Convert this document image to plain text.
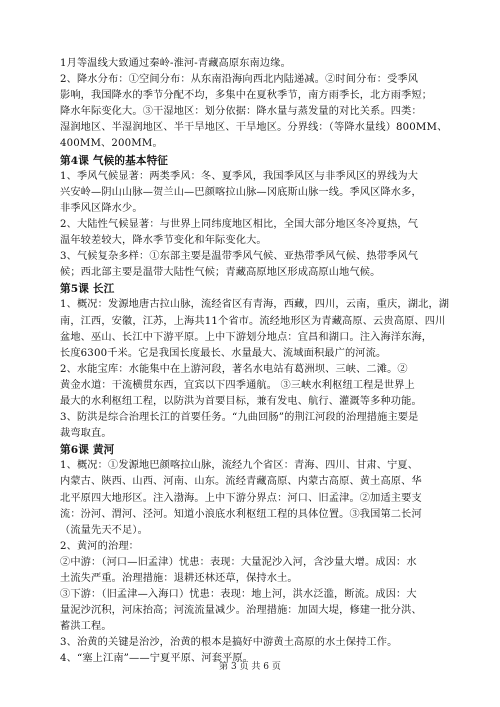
1月等温线大致通过秦岭-淮河-青藏高原东南边缘。
2、降水分布：①空间分布：从东南沿海向西北内陆递减。②时间分布：受季风
影响，我国降水的季节分配不均，多集中在夏秋季节，南方雨季长，北方雨季短；
降水年际变化大。③干湿地区：划分依据：降水量与蒸发量的对比关系。四类：
湿润地区、半湿润地区、半干旱地区、干旱地区。分界线：（等降水量线）800MM、
400MM、200MM。
第4课 气候的基本特征
1、季风气候显著：两类季风：冬、夏季风，我国季风区与非季风区的界线为大
兴安岭—阴山山脉—贺兰山—巴颜喀拉山脉—冈底斯山脉一线。季风区降水多，
非季风区降水少。
2、大陆性气候显著：与世界上同纬度地区相比，全国大部分地区冬冷夏热，气
温年较差较大，降水季节变化和年际变化大。
3、气候复杂多样：①东部主要是温带季风气候、亚热带季风气候、热带季风气
候；西北部主要是温带大陆性气候；青藏高原地区形成高原山地气候。
第5课 长江
1、概况：发源地唐古拉山脉，流经省区有青海，西藏，四川，云南，重庆，湖北，湖
南，江西，安徽，江苏，上海共11个省市。流经地形区为青藏高原、云贵高原、四川
盆地、巫山、长江中下游平原。上中下游划分地点：宜昌和湖口。注入海洋东海，
长度6300千米。它是我国长度最长、水量最大、流域面积最广的河流。
2、水能宝库：水能集中在上游河段，著名水电站有葛洲坝、三峡、二滩。②
黄金水道：干流横贯东西，宜宾以下四季通航。 ③三峡水利枢纽工程是世界上
最大的水利枢纽工程，以防洪为首要目标，兼有发电、航行、灌溉等多种功能。
3、防洪是综合治理长江的首要任务。“九曲回肠”的荆江河段的治理措施主要是
裁弯取直。
第6课 黄河
1、概况：①发源地巴颜喀拉山脉，流经九个省区：青海、四川、甘肃、宁夏、
内蒙古、陕西、山西、河南、山东。流经青藏高原、内蒙古高原、黄土高原、华
北平原四大地形区。注入渤海。上中下游分界点：河口、旧孟津。②加适主要支
流：汾河、渭河、泾河。知道小浪底水利枢纽工程的具体位置。③我国第二长河
（流量先天不足）。
2、黄河的治理：
②中游：（河口—旧孟津）忧患：表现：大量泥沙入河，含沙量大增。成因：水
土流失严重。治理措施：退耕还林还草，保持水土。
③下游：（旧孟津—入海口）忧患：表现：地上河，洪水泛滥，断流。成因：大
量泥沙沉积，河床抬高；河流流量减少。治理措施：加固大堤，修建一批分洪、
蓄洪工程。
3、治黄的关键是治沙，治黄的根本是搞好中游黄土高原的水土保持工作。
4、“塞上江南”——宁夏平原、河套平原。
第 3 页 共 6 页
